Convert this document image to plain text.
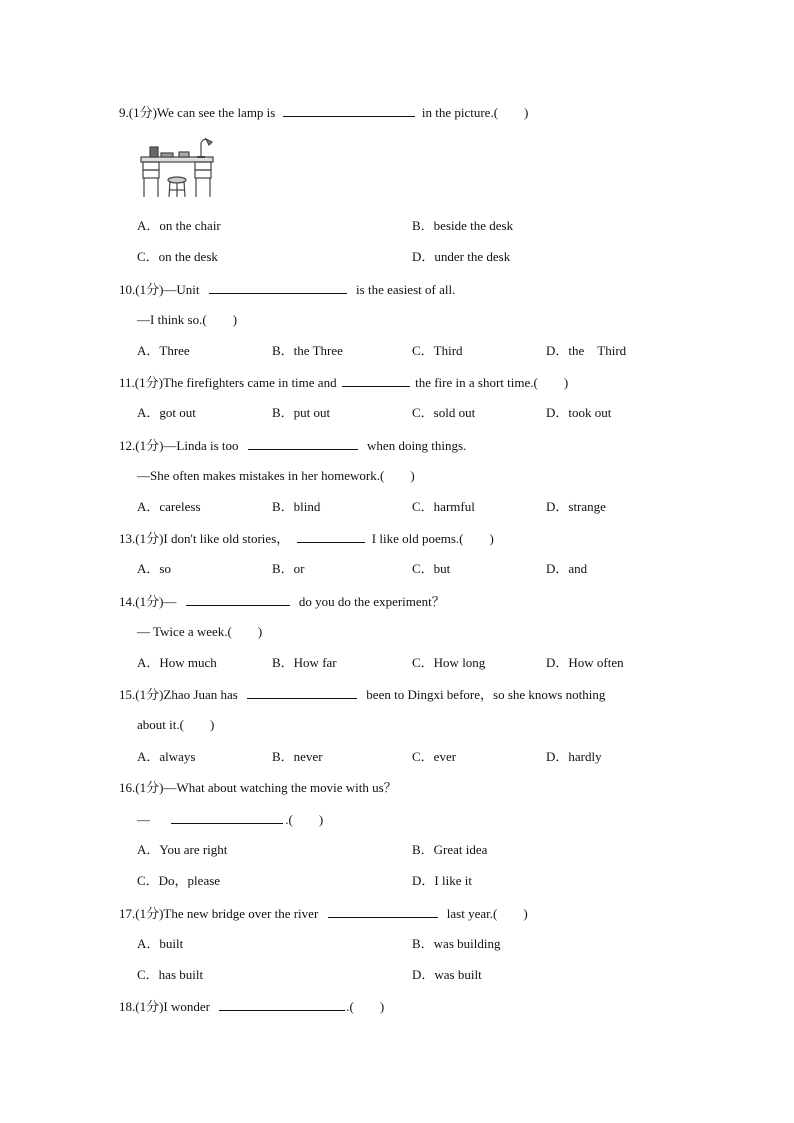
9.(1分)We can see the lamp is	in the picture.(　　)
A．on the chair	B．beside the desk
C．on the desk	D．under the desk
10.(1分)—Unit	is the easiest of all.
—I think so.(　　)
A．Three	B．the Three	C．Third	D．the　Third
11.(1分)The firefighters came in time and	the fire in a short time.(　　)
A．got out	B．put out	C．sold out	D．took out
12.(1分)—Linda is too	when doing things.
—She often makes mistakes in her homework.(　　)
A．careless	B．blind	C．harmful	D．strange
13.(1分)I don't like old stories，	I like old poems.(　　)
A．so	B．or	C．but	D．and
14.(1分)—	do you do the experiment？
— Twice a week.(　　)
A．How much	B．How far	C．How long	D．How often
15.(1分)Zhao Juan has	been to Dingxi before，so she knows nothing
about it.(　　)
A．always	B．never	C．ever	D．hardly
16.(1分)—What about watching the movie with us？
—	.(　　)
A．You are right	B．Great idea
C．Do，please	D．I like it
17.(1分)The new bridge over the river	last year.(　　)
A．built	B．was building
C．has built	D．was built
18.(1分)I wonder	.(　　)
